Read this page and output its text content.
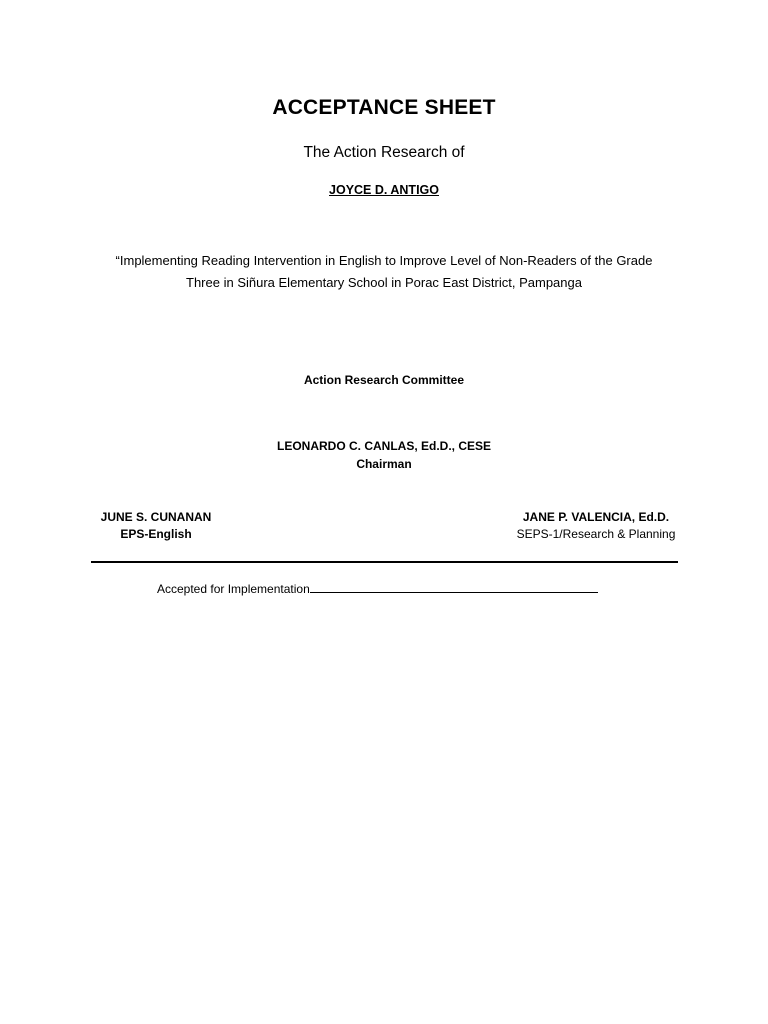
ACCEPTANCE SHEET
The Action Research of
JOYCE D. ANTIGO
“Implementing Reading Intervention in English to Improve Level of Non-Readers of the Grade
Three in Siñura Elementary School in Porac East District, Pampanga
Action Research Committee
LEONARDO C. CANLAS, Ed.D., CESE
Chairman
JUNE S. CUNANAN
EPS-English
JANE P. VALENCIA, Ed.D.
SEPS-1/Research & Planning
Accepted for Implementation
